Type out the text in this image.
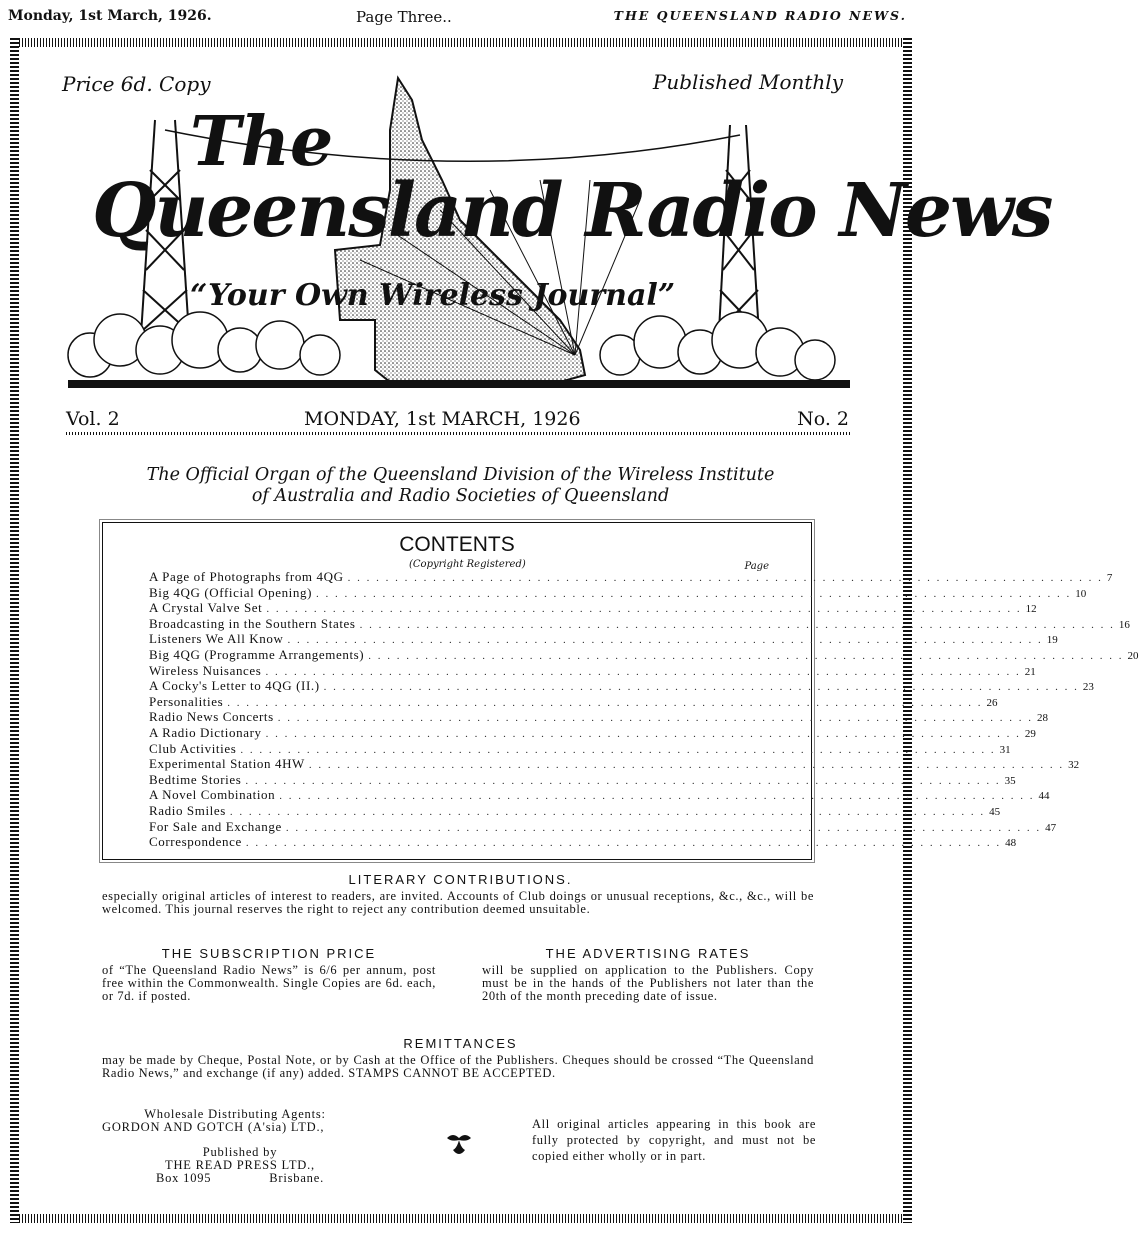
Monday, 1st March, 1926.	Page Three..	THE QUEENSLAND RADIO NEWS.
Price 6d. Copy	Published Monthly
The
Queensland Radio News
“Your Own Wireless Journal”
Vol. 2	MONDAY, 1st MARCH, 1926	No. 2
The Official Organ of the Queensland Division of the Wireless Institute
of Australia and Radio Societies of Queensland
CONTENTS
(Copyright Registered)	Page
A Page of Photographs from 4QG . . . . . . . . . . . . . . . . . . . . . . . . . . . . . . . . . . . . . . . . . . . . . . . . . . . . . . . . . . . . . . . . . . . . . . . . . . . . . . . . 7
Big 4QG (Official Opening) . . . . . . . . . . . . . . . . . . . . . . . . . . . . . . . . . . . . . . . . . . . . . . . . . . . . . . . . . . . . . . . . . . . . . . . . . . . . . . . . 10
A Crystal Valve Set . . . . . . . . . . . . . . . . . . . . . . . . . . . . . . . . . . . . . . . . . . . . . . . . . . . . . . . . . . . . . . . . . . . . . . . . . . . . . . . . 12
Broadcasting in the Southern States . . . . . . . . . . . . . . . . . . . . . . . . . . . . . . . . . . . . . . . . . . . . . . . . . . . . . . . . . . . . . . . . . . . . . . . . . . . . . . . . 16
Listeners We All Know . . . . . . . . . . . . . . . . . . . . . . . . . . . . . . . . . . . . . . . . . . . . . . . . . . . . . . . . . . . . . . . . . . . . . . . . . . . . . . . . 19
Big 4QG (Programme Arrangements) . . . . . . . . . . . . . . . . . . . . . . . . . . . . . . . . . . . . . . . . . . . . . . . . . . . . . . . . . . . . . . . . . . . . . . . . . . . . . . . . 20
Wireless Nuisances . . . . . . . . . . . . . . . . . . . . . . . . . . . . . . . . . . . . . . . . . . . . . . . . . . . . . . . . . . . . . . . . . . . . . . . . . . . . . . . . 21
A Cocky's Letter to 4QG (II.) . . . . . . . . . . . . . . . . . . . . . . . . . . . . . . . . . . . . . . . . . . . . . . . . . . . . . . . . . . . . . . . . . . . . . . . . . . . . . . . . 23
Personalities . . . . . . . . . . . . . . . . . . . . . . . . . . . . . . . . . . . . . . . . . . . . . . . . . . . . . . . . . . . . . . . . . . . . . . . . . . . . . . . . 26
Radio News Concerts . . . . . . . . . . . . . . . . . . . . . . . . . . . . . . . . . . . . . . . . . . . . . . . . . . . . . . . . . . . . . . . . . . . . . . . . . . . . . . . . 28
A Radio Dictionary . . . . . . . . . . . . . . . . . . . . . . . . . . . . . . . . . . . . . . . . . . . . . . . . . . . . . . . . . . . . . . . . . . . . . . . . . . . . . . . . 29
Club Activities . . . . . . . . . . . . . . . . . . . . . . . . . . . . . . . . . . . . . . . . . . . . . . . . . . . . . . . . . . . . . . . . . . . . . . . . . . . . . . . . 31
Experimental Station 4HW . . . . . . . . . . . . . . . . . . . . . . . . . . . . . . . . . . . . . . . . . . . . . . . . . . . . . . . . . . . . . . . . . . . . . . . . . . . . . . . . 32
Bedtime Stories . . . . . . . . . . . . . . . . . . . . . . . . . . . . . . . . . . . . . . . . . . . . . . . . . . . . . . . . . . . . . . . . . . . . . . . . . . . . . . . . 35
A Novel Combination . . . . . . . . . . . . . . . . . . . . . . . . . . . . . . . . . . . . . . . . . . . . . . . . . . . . . . . . . . . . . . . . . . . . . . . . . . . . . . . . 44
Radio Smiles . . . . . . . . . . . . . . . . . . . . . . . . . . . . . . . . . . . . . . . . . . . . . . . . . . . . . . . . . . . . . . . . . . . . . . . . . . . . . . . . 45
For Sale and Exchange . . . . . . . . . . . . . . . . . . . . . . . . . . . . . . . . . . . . . . . . . . . . . . . . . . . . . . . . . . . . . . . . . . . . . . . . . . . . . . . . 47
Correspondence . . . . . . . . . . . . . . . . . . . . . . . . . . . . . . . . . . . . . . . . . . . . . . . . . . . . . . . . . . . . . . . . . . . . . . . . . . . . . . . . 48
LITERARY CONTRIBUTIONS.
especially original articles of interest to readers, are invited. Accounts of Club doings or unusual receptions, &c., &c., will be welcomed. This journal reserves the right to reject any contribution deemed unsuitable.
THE SUBSCRIPTION PRICE
of “The Queensland Radio News” is 6/6 per annum, post free within the Commonwealth. Single Copies are 6d. each, or 7d. if posted.
THE ADVERTISING RATES
will be supplied on application to the Publishers. Copy must be in the hands of the Publishers not later than the 20th of the month preceding date of issue.
REMITTANCES
may be made by Cheque, Postal Note, or by Cash at the Office of the Publishers. Cheques should be crossed “The Queensland Radio News,” and exchange (if any) added. STAMPS CANNOT BE ACCEPTED.
Wholesale Distributing Agents:
GORDON AND GOTCH (A'sia) LTD.,
Published by
THE READ PRESS LTD.,
Box 1095	Brisbane.
All original articles appearing in this book are fully protected by copyright, and must not be copied either wholly or in part.
